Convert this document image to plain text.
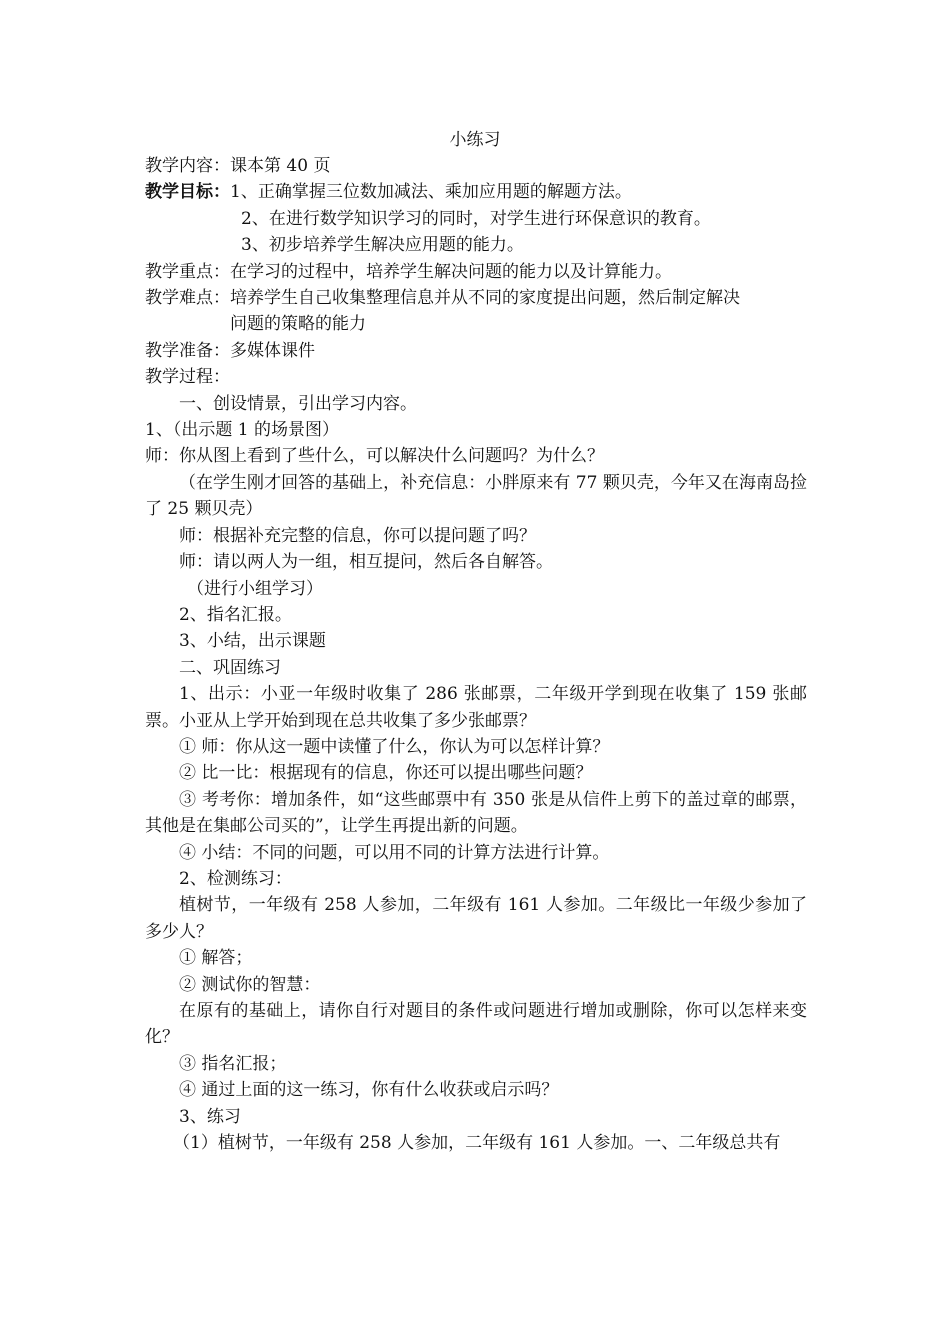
小练习

教学内容：课本第 40 页

教学目标：1、正确掌握三位数加减法、乘加应用题的解题方法。

2、在进行数学知识学习的同时，对学生进行环保意识的教育。

3、初步培养学生解决应用题的能力。

教学重点：在学习的过程中，培养学生解决问题的能力以及计算能力。

教学难点：培养学生自己收集整理信息并从不同的家度提出问题，然后制定解决

问题的策略的能力

教学准备：多媒体课件

教学过程：

一、创设情景，引出学习内容。

1、（出示题 1 的场景图）

师：你从图上看到了些什么，可以解决什么问题吗？为什么？

（在学生刚才回答的基础上，补充信息：小胖原来有 77 颗贝壳，今年又在海南岛捡了 25 颗贝壳）

师：根据补充完整的信息，你可以提问题了吗？

师：请以两人为一组，相互提问，然后各自解答。

（进行小组学习）

2、指名汇报。

3、小结，出示课题

二、巩固练习

1、出示：小亚一年级时收集了 286 张邮票，二年级开学到现在收集了 159 张邮票。小亚从上学开始到现在总共收集了多少张邮票？

① 师：你从这一题中读懂了什么，你认为可以怎样计算？

② 比一比：根据现有的信息，你还可以提出哪些问题？

③ 考考你：增加条件，如“这些邮票中有 350 张是从信件上剪下的盖过章的邮票，其他是在集邮公司买的”，让学生再提出新的问题。

④ 小结：不同的问题，可以用不同的计算方法进行计算。

2、检测练习：

植树节，一年级有 258 人参加，二年级有 161 人参加。二年级比一年级少参加了多少人？

① 解答；

② 测试你的智慧：

在原有的基础上，请你自行对题目的条件或问题进行增加或删除，你可以怎样来变化？

③ 指名汇报；

④ 通过上面的这一练习，你有什么收获或启示吗？

3、练习

（1）植树节，一年级有 258 人参加，二年级有 161 人参加。一、二年级总共有
